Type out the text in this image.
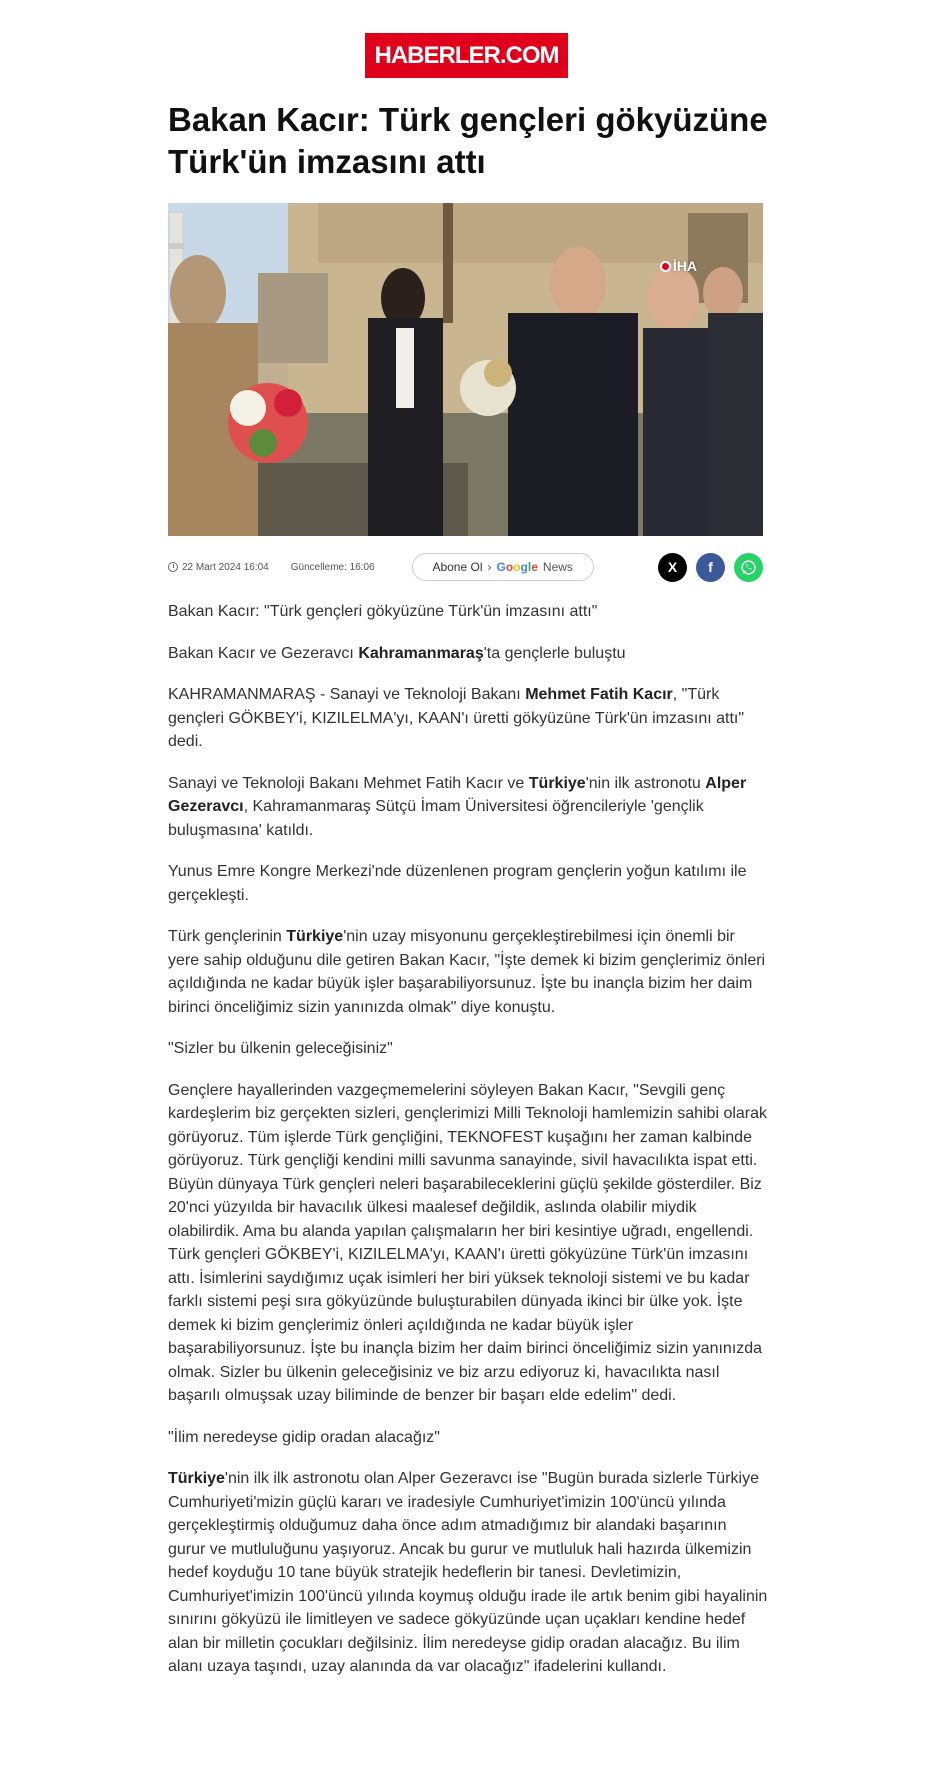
HABERLER.COM
Bakan Kacır: Türk gençleri gökyüzüne Türk'ün imzasını attı
İHA
22 Mart 2024 16:04 Güncelleme: 16:06	Abone Ol › Google News	X f

Bakan Kacır: "Türk gençleri gökyüzüne Türk'ün imzasını attı"

Bakan Kacır ve Gezeravcı Kahramanmaraş'ta gençlerle buluştu

KAHRAMANMARAŞ - Sanayi ve Teknoloji Bakanı Mehmet Fatih Kacır, "Türk gençleri GÖKBEY'i, KIZILELMA'yı, KAAN'ı üretti gökyüzüne Türk'ün imzasını attı" dedi.

Sanayi ve Teknoloji Bakanı Mehmet Fatih Kacır ve Türkiye'nin ilk astronotu Alper Gezeravcı, Kahramanmaraş Sütçü İmam Üniversitesi öğrencileriyle 'gençlik buluşmasına' katıldı.

Yunus Emre Kongre Merkezi'nde düzenlenen program gençlerin yoğun katılımı ile gerçekleşti.

Türk gençlerinin Türkiye'nin uzay misyonunu gerçekleştirebilmesi için önemli bir yere sahip olduğunu dile getiren Bakan Kacır, "İşte demek ki bizim gençlerimiz önleri açıldığında ne kadar büyük işler başarabiliyorsunuz. İşte bu inançla bizim her daim birinci önceliğimiz sizin yanınızda olmak" diye konuştu.

"Sizler bu ülkenin geleceğisiniz"

Gençlere hayallerinden vazgeçmemelerini söyleyen Bakan Kacır, "Sevgili genç kardeşlerim biz gerçekten sizleri, gençlerimizi Milli Teknoloji hamlemizin sahibi olarak görüyoruz. Tüm işlerde Türk gençliğini, TEKNOFEST kuşağını her zaman kalbinde görüyoruz. Türk gençliği kendini milli savunma sanayinde, sivil havacılıkta ispat etti. Büyün dünyaya Türk gençleri neleri başarabileceklerini güçlü şekilde gösterdiler. Biz 20'nci yüzyılda bir havacılık ülkesi maalesef değildik, aslında olabilir miydik olabilirdik. Ama bu alanda yapılan çalışmaların her biri kesintiye uğradı, engellendi. Türk gençleri GÖKBEY'i, KIZILELMA'yı, KAAN'ı üretti gökyüzüne Türk'ün imzasını attı. İsimlerini saydığımız uçak isimleri her biri yüksek teknoloji sistemi ve bu kadar farklı sistemi peşi sıra gökyüzünde buluşturabilen dünyada ikinci bir ülke yok. İşte demek ki bizim gençlerimiz önleri açıldığında ne kadar büyük işler başarabiliyorsunuz. İşte bu inançla bizim her daim birinci önceliğimiz sizin yanınızda olmak. Sizler bu ülkenin geleceğisiniz ve biz arzu ediyoruz ki, havacılıkta nasıl başarılı olmuşsak uzay biliminde de benzer bir başarı elde edelim" dedi.

"İlim neredeyse gidip oradan alacağız"

Türkiye'nin ilk ilk astronotu olan Alper Gezeravcı ise "Bugün burada sizlerle Türkiye Cumhuriyeti'mizin güçlü kararı ve iradesiyle Cumhuriyet'imizin 100'üncü yılında gerçekleştirmiş olduğumuz daha önce adım atmadığımız bir alandaki başarının gurur ve mutluluğunu yaşıyoruz. Ancak bu gurur ve mutluluk hali hazırda ülkemizin hedef koyduğu 10 tane büyük stratejik hedeflerin bir tanesi. Devletimizin, Cumhuriyet'imizin 100'üncü yılında koymuş olduğu irade ile artık benim gibi hayalinin sınırını gökyüzü ile limitleyen ve sadece gökyüzünde uçan uçakları kendine hedef alan bir milletin çocukları değilsiniz. İlim neredeyse gidip oradan alacağız. Bu ilim alanı uzaya taşındı, uzay alanında da var olacağız" ifadelerini kullandı.
